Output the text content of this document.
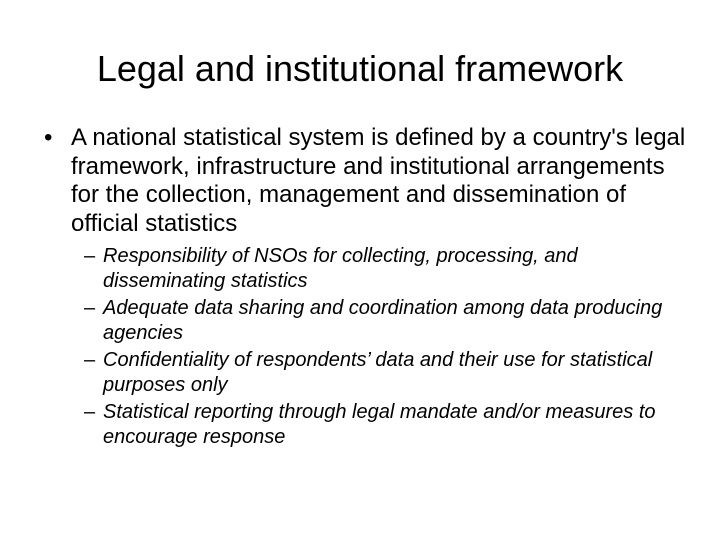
Legal and institutional framework

• A national statistical system is defined by a country's legal framework, infrastructure and institutional arrangements for the collection, management and dissemination of official statistics

– Responsibility of NSOs for collecting, processing, and disseminating statistics
– Adequate data sharing and coordination among data producing agencies
– Confidentiality of respondents’ data and their use for statistical purposes only
– Statistical reporting through legal mandate and/or measures to encourage response
